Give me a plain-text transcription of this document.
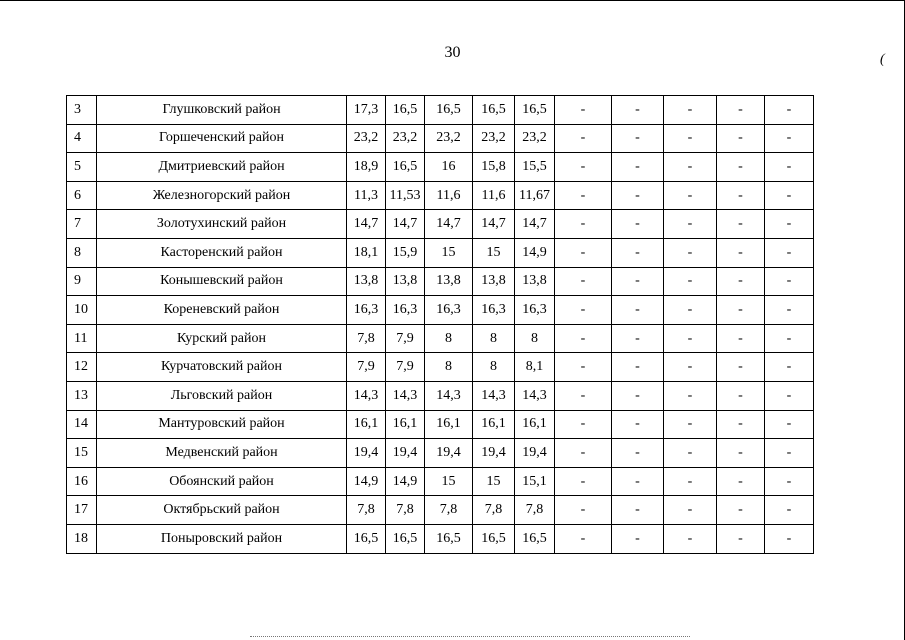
30	(
3	Глушковский район	17,3	16,5	16,5	16,5	16,5	-	-	-	-	-
4	Горшеченский район	23,2	23,2	23,2	23,2	23,2	-	-	-	-	-
5	Дмитриевский район	18,9	16,5	16	15,8	15,5	-	-	-	-	-
6	Железногорский район	11,3	11,53	11,6	11,6	11,67	-	-	-	-	-
7	Золотухинский район	14,7	14,7	14,7	14,7	14,7	-	-	-	-	-
8	Касторенский район	18,1	15,9	15	15	14,9	-	-	-	-	-
9	Конышевский район	13,8	13,8	13,8	13,8	13,8	-	-	-	-	-
10	Кореневский район	16,3	16,3	16,3	16,3	16,3	-	-	-	-	-
11	Курский район	7,8	7,9	8	8	8	-	-	-	-	-
12	Курчатовский район	7,9	7,9	8	8	8,1	-	-	-	-	-
13	Льговский район	14,3	14,3	14,3	14,3	14,3	-	-	-	-	-
14	Мантуровский район	16,1	16,1	16,1	16,1	16,1	-	-	-	-	-
15	Медвенский район	19,4	19,4	19,4	19,4	19,4	-	-	-	-	-
16	Обоянский район	14,9	14,9	15	15	15,1	-	-	-	-	-
17	Октябрьский район	7,8	7,8	7,8	7,8	7,8	-	-	-	-	-
18	Поныровский район	16,5	16,5	16,5	16,5	16,5	-	-	-	-	-
